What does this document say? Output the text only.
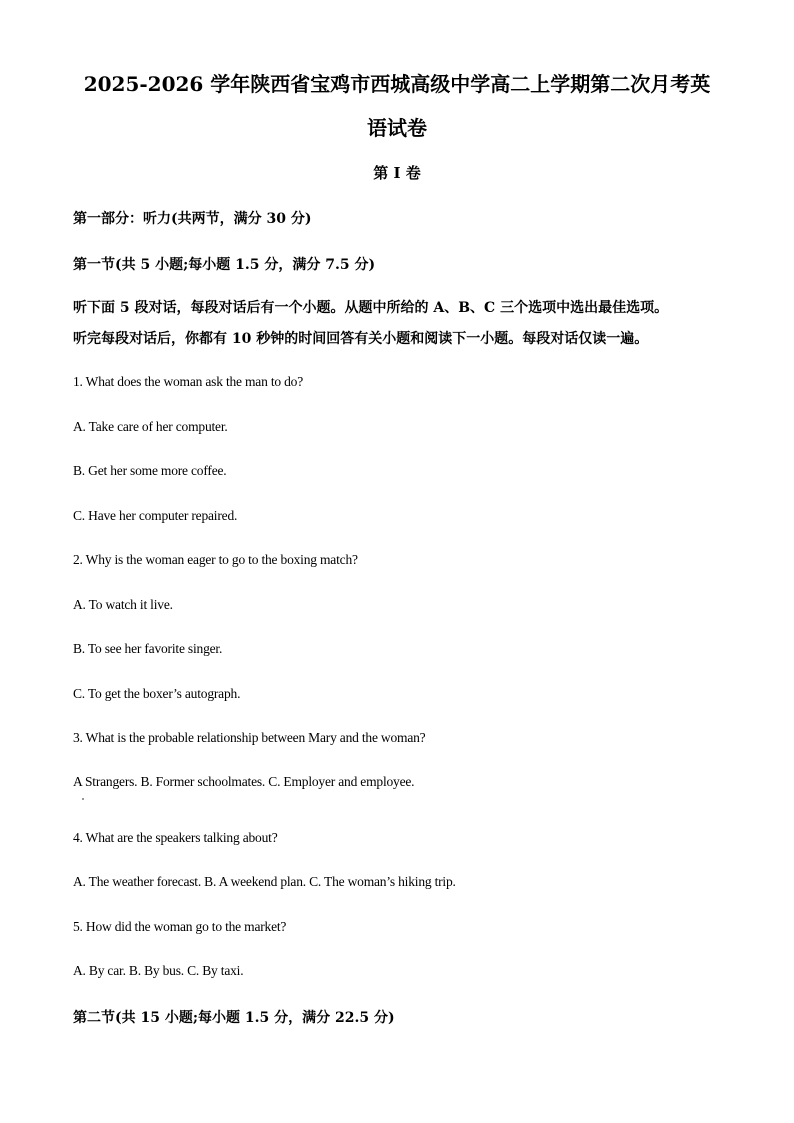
2025-2026 学年陕西省宝鸡市西城高级中学高二上学期第二次月考英
语试卷
第 I 卷
第一部分：听力(共两节，满分 30 分)
第一节(共 5 小题;每小题 1.5 分，满分 7.5 分)
听下面 5 段对话，每段对话后有一个小题。从题中所给的 A、B、C 三个选项中选出最佳选项。
听完每段对话后，你都有 10 秒钟的时间回答有关小题和阅读下一小题。每段对话仅读一遍。
1. What does the woman ask the man to do?
A. Take care of her computer.
B. Get her some more coffee.
C. Have her computer repaired.
2. Why is the woman eager to go to the boxing match?
A. To watch it live.
B. To see her favorite singer.
C. To get the boxer’s autograph.
3. What is the probable relationship between Mary and the woman?
A Strangers. B. Former schoolmates. C. Employer and employee.
4. What are the speakers talking about?
A. The weather forecast. B. A weekend plan. C. The woman’s hiking trip.
5. How did the woman go to the market?
A. By car. B. By bus. C. By taxi.
第二节(共 15 小题;每小题 1.5 分，满分 22.5 分)
